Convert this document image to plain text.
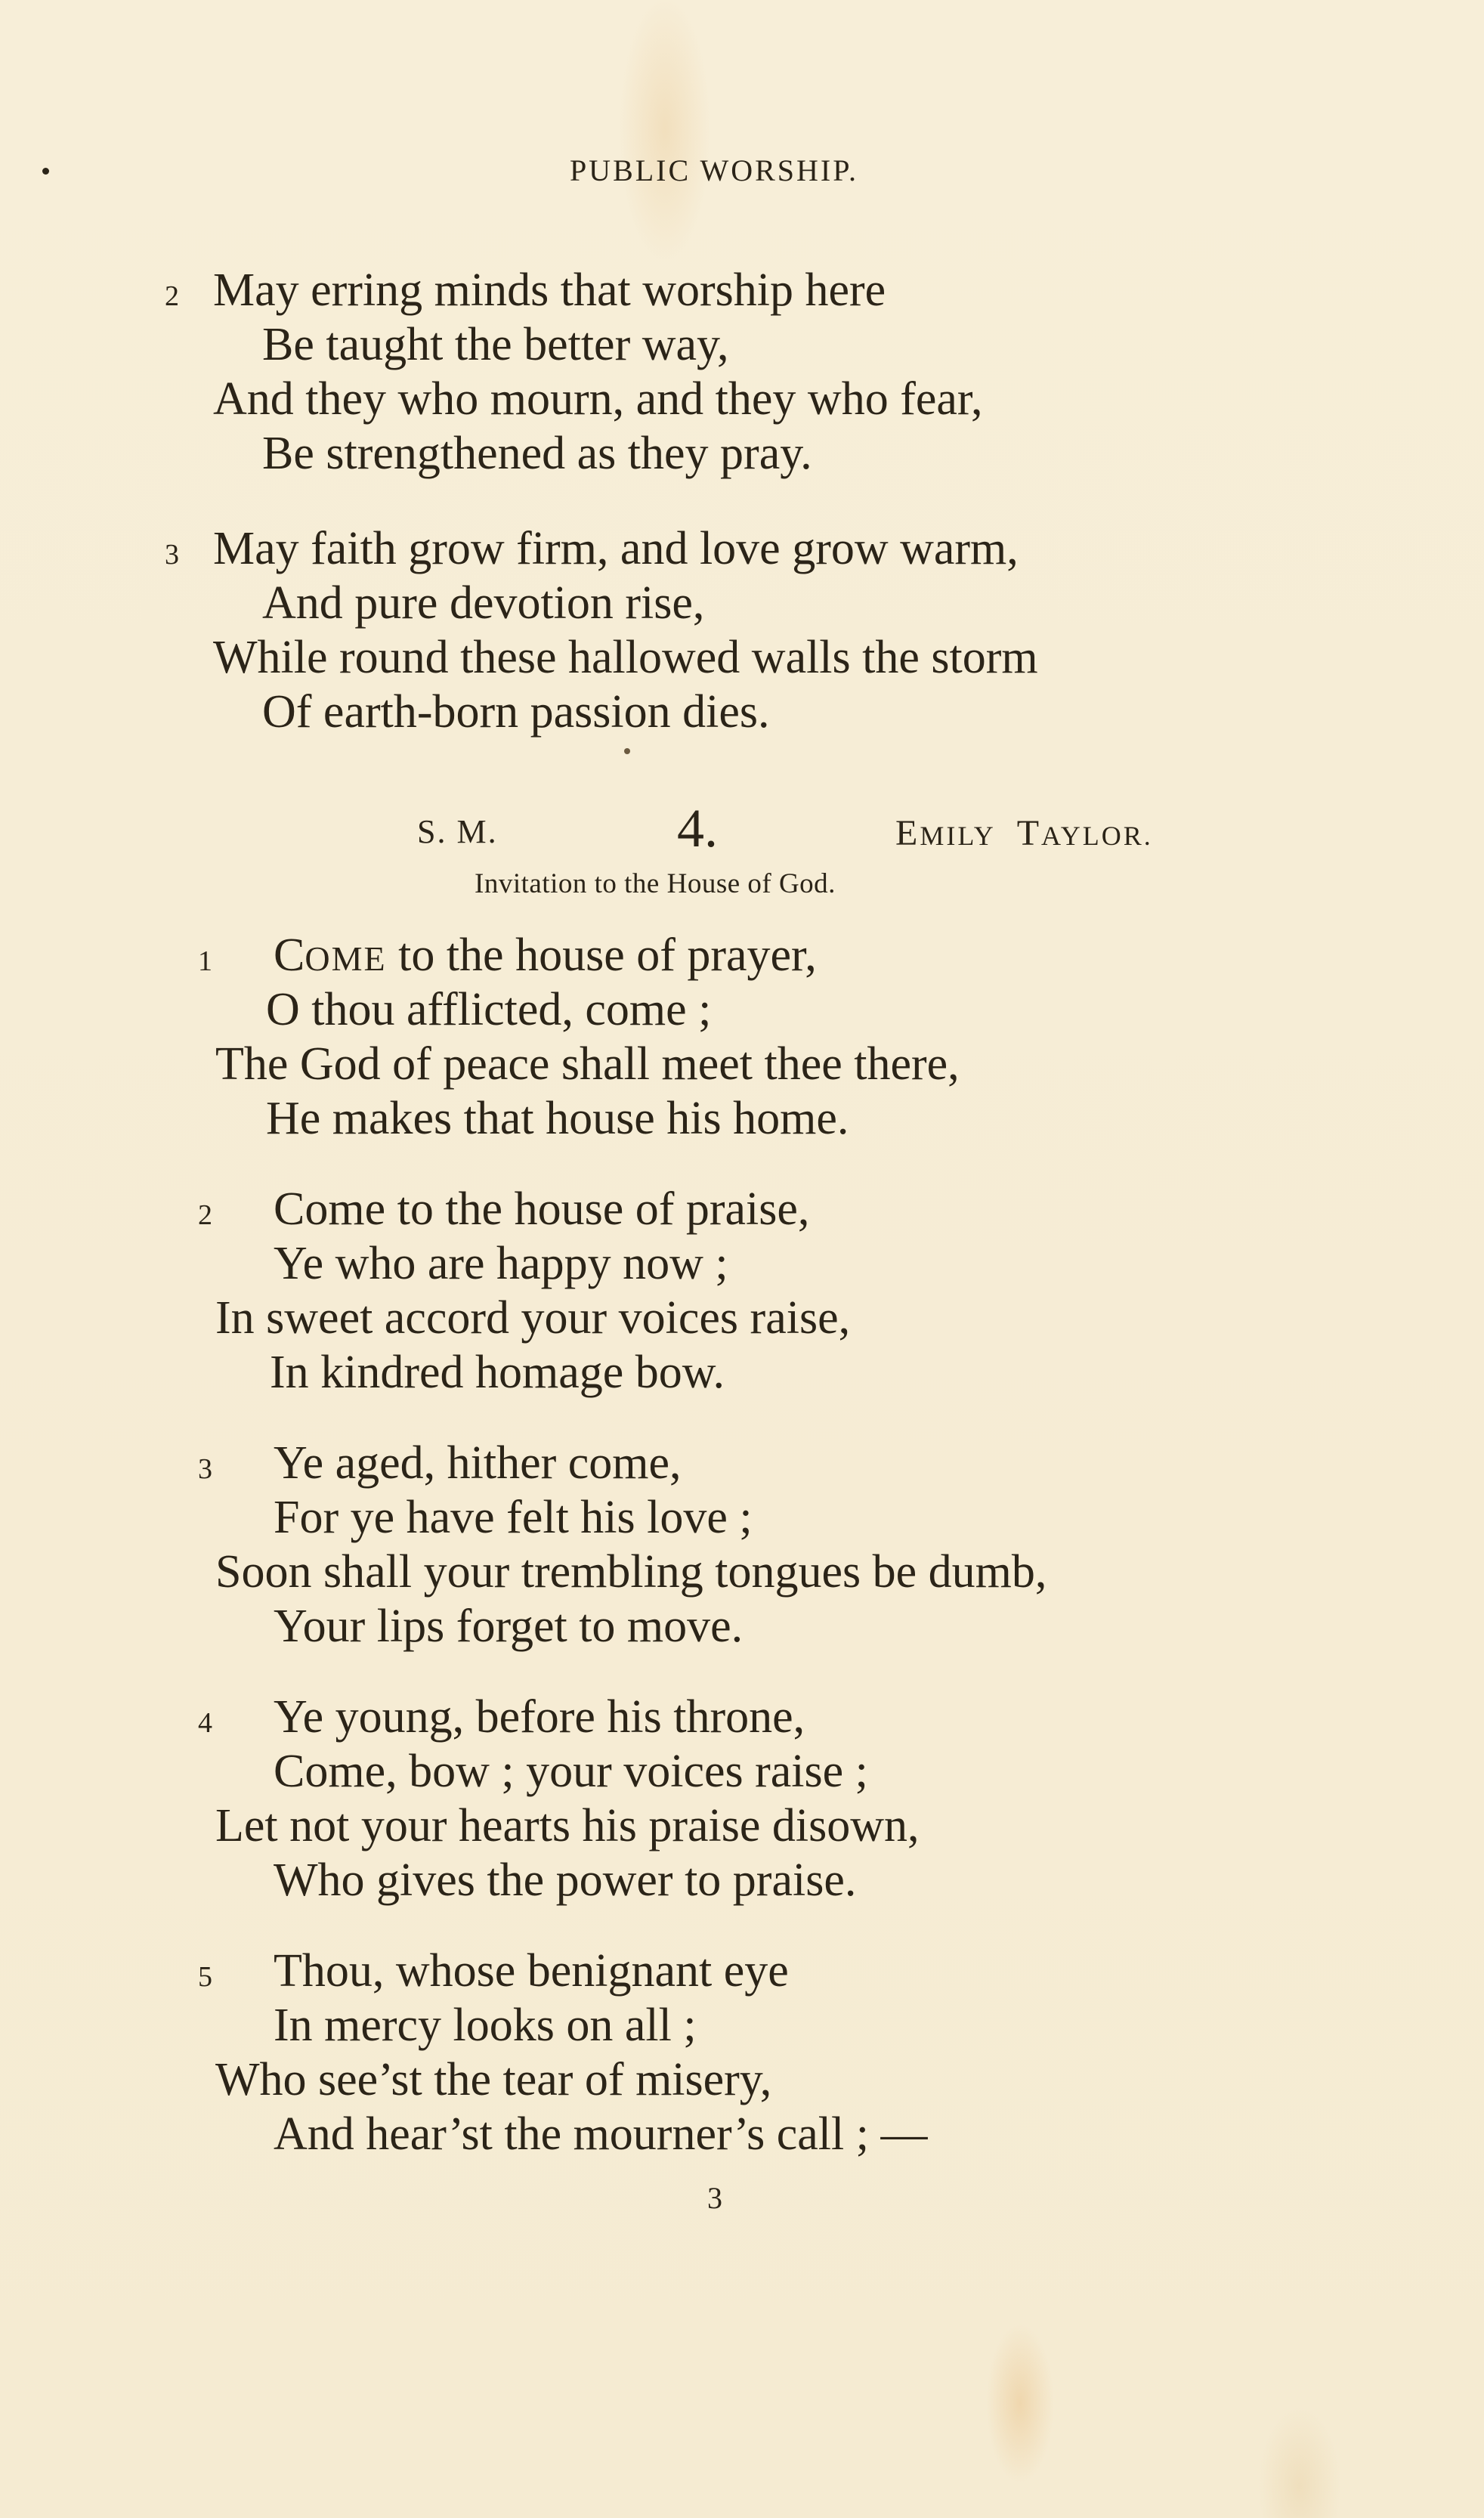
PUBLIC WORSHIP.
2 May erring minds that worship here
Be taught the better way,
And they who mourn, and they who fear,
Be strengthened as they pray.
3 May faith grow firm, and love grow warm,
And pure devotion rise,
While round these hallowed walls the storm
Of earth-born passion dies.
S. M.	4.	EMILY TAYLOR.
Invitation to the House of God.
1 COME to the house of prayer,
O thou afflicted, come ;
The God of peace shall meet thee there,
He makes that house his home.
2 Come to the house of praise,
Ye who are happy now ;
In sweet accord your voices raise,
In kindred homage bow.
3 Ye aged, hither come,
For ye have felt his love ;
Soon shall your trembling tongues be dumb,
Your lips forget to move.
4 Ye young, before his throne,
Come, bow ; your voices raise ;
Let not your hearts his praise disown,
Who gives the power to praise.
5 Thou, whose benignant eye
In mercy looks on all ;
Who see’st the tear of misery,
And hear’st the mourner’s call ; —
3
